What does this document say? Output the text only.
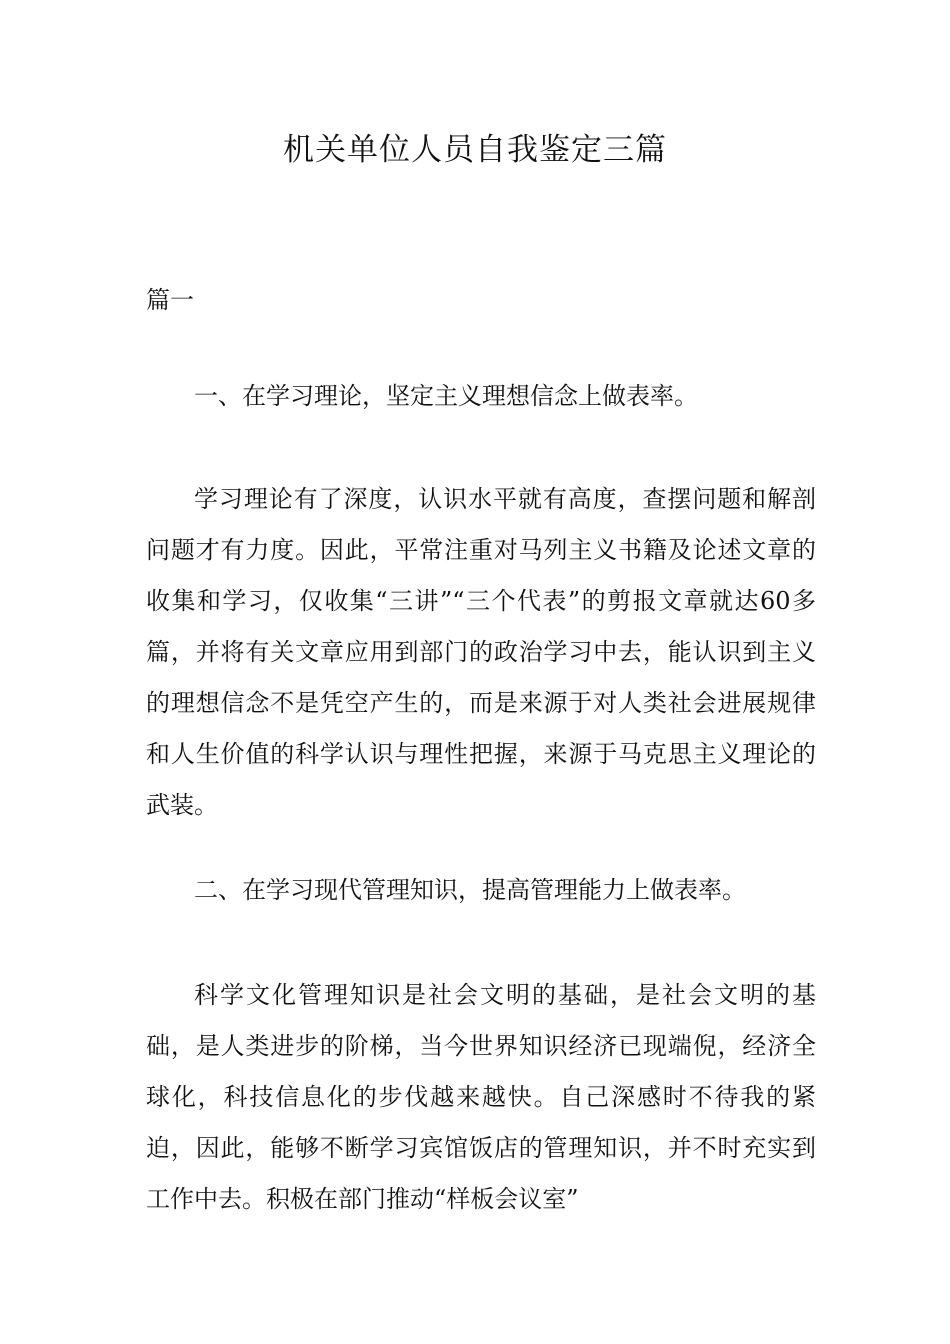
机关单位人员自我鉴定三篇
篇一
一、在学习理论，坚定主义理想信念上做表率。

学习理论有了深度，认识水平就有高度，查摆问题和解剖问题才有力度。因此，平常注重对马列主义书籍及论述文章的收集和学习，仅收集“三讲”“三个代表”的剪报文章就达60多篇，并将有关文章应用到部门的政治学习中去，能认识到主义的理想信念不是凭空产生的，而是来源于对人类社会进展规律和人生价值的科学认识与理性把握，来源于马克思主义理论的武装。

二、在学习现代管理知识，提高管理能力上做表率。

科学文化管理知识是社会文明的基础，是社会文明的基础，是人类进步的阶梯，当今世界知识经济已现端倪，经济全球化，科技信息化的步伐越来越快。自己深感时不待我的紧迫，因此，能够不断学习宾馆饭店的管理知识，并不时充实到工作中去。积极在部门推动“样板会议室”
